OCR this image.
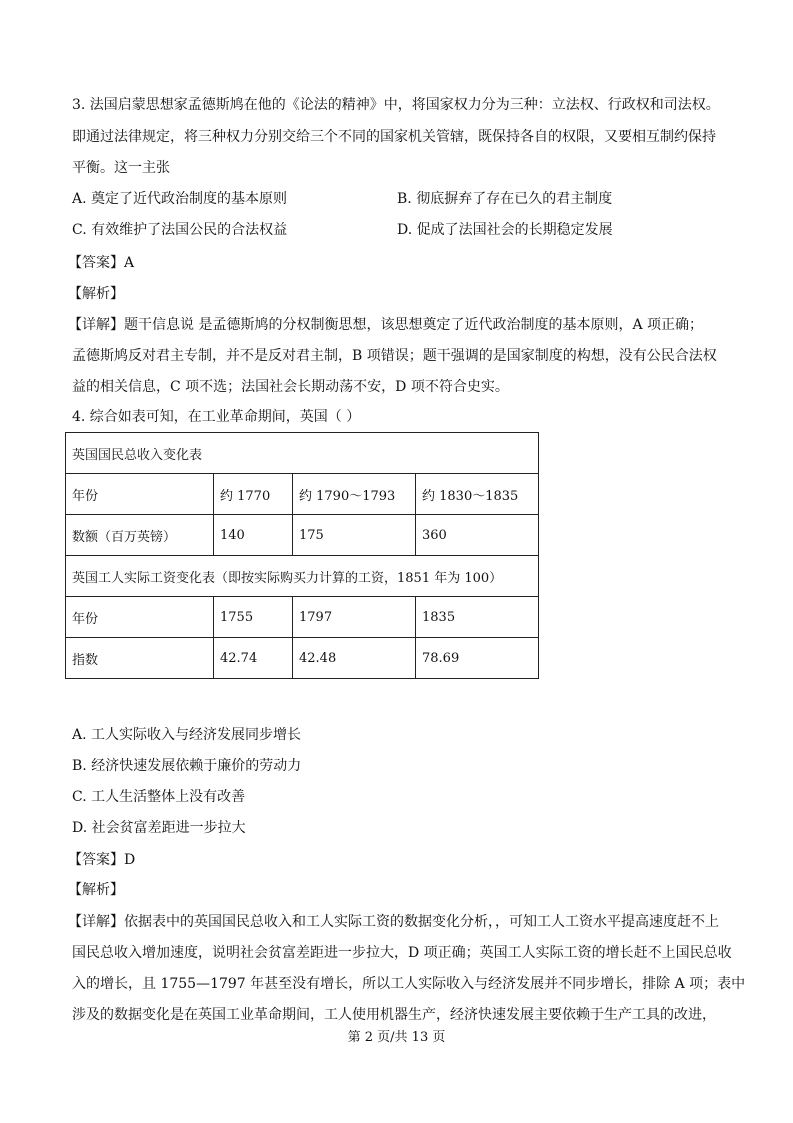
3. 法国启蒙思想家孟德斯鸠在他的《论法的精神》中，将国家权力分为三种：立法权、行政权和司法权。
即通过法律规定，将三种权力分别交给三个不同的国家机关管辖，既保持各自的权限，又要相互制约保持
平衡。这一主张
A. 奠定了近代政治制度的基本原则	B. 彻底摒弃了存在已久的君主制度
C. 有效维护了法国公民的合法权益	D. 促成了法国社会的长期稳定发展
【答案】A
【解析】
【详解】题干信息说 是孟德斯鸠的分权制衡思想，该思想奠定了近代政治制度的基本原则，A 项正确；
孟德斯鸠反对君主专制，并不是反对君主制，B 项错误；题干强调的是国家制度的构想，没有公民合法权
益的相关信息，C 项不选；法国社会长期动荡不安，D 项不符合史实。
4. 综合如表可知，在工业革命期间，英国（ ）
英国国民总收入变化表			
年份	约 1770	约 1790～1793	约 1830～1835
数额（百万英镑）	140	175	360
英国工人实际工资变化表（即按实际购买力计算的工资，1851 年为 100）			
年份	1755	1797	1835
指数	42.74	42.48	78.69
A. 工人实际收入与经济发展同步增长
B. 经济快速发展依赖于廉价的劳动力
C. 工人生活整体上没有改善
D. 社会贫富差距进一步拉大
【答案】D
【解析】
【详解】依据表中的英国国民总收入和工人实际工资的数据变化分析，，可知工人工资水平提高速度赶不上
国民总收入增加速度，说明社会贫富差距进一步拉大，D 项正确；英国工人实际工资的增长赶不上国民总收
入的增长，且 1755—1797 年甚至没有增长，所以工人实际收入与经济发展并不同步增长，排除 A 项；表中
涉及的数据变化是在英国工业革命期间，工人使用机器生产，经济快速发展主要依赖于生产工具的改进，
第 2 页/共 13 页
